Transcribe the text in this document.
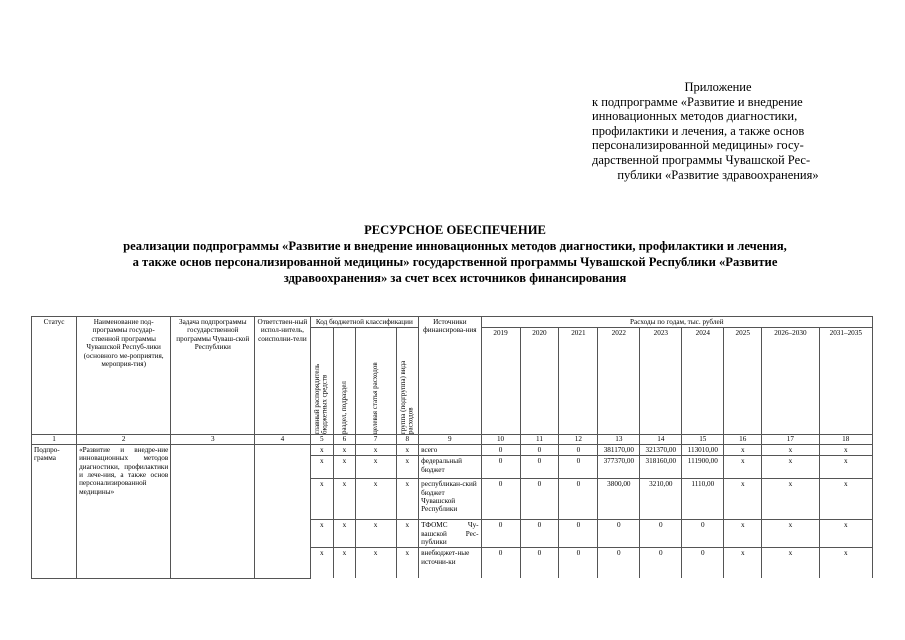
Приложение
к подпрограмме «Развитие и внедрение
инновационных методов диагностики,
профилактики и лечения, а также основ
персонализированной медицины» госу-
дарственной программы Чувашской Рес-
публики «Развитие здравоохранения»
РЕСУРСНОЕ ОБЕСПЕЧЕНИЕ
реализации подпрограммы «Развитие и внедрение инновационных методов диагностики, профилактики и лечения,
а также основ персонализированной медицины» государственной программы Чувашской Республики «Развитие
здравоохранения» за счет всех источников финансирования
Статус	Наименование под-программы государ-ственной программы Чувашской Респуб-лики (основного ме-роприятия, мероприя-тия)	Задача подпрограммы государственной программы Чуваш-ской Республики	Ответствен-ный испол-нитель, соисполни-тели	Код бюджетной классификации				Источники финансирова-ния	Расходы по годам, тыс. рублей								

				главный распорядитель бюджетных средств	раздел, подраздел	целевая статья расходов	группа (подгруппа) вида расходов		2019	2020	2021	2022	2023	2024	2025	2026–2030	2031–2035
1	2	3	4	5	6	7	8	9	10	11	12	13	14	15	16	17	18
Подпро-грамма	«Развитие и внедре-ние инновационных методов диагностики, профилактики и лече-ния, а также основ персонализированной медицины»			x	x	x	x	всего	0	0	0	381170,00	321370,00	113010,00	x	x	x
				x	x	x	x	федеральный бюджет	0	0	0	377370,00	318160,00	111900,00	x	x	x
				x	x	x	x	республикан-ский бюджет Чувашской Республики	0	0	0	3800,00	3210,00	1110,00	x	x	x
				x	x	x	x	ТФОМС Чу-вашской Рес-публики	0	0	0	0	0	0	x	x	x
				x	x	x	x	внебюджет-ные источни-ки	0	0	0	0	0	0	x	x	x
